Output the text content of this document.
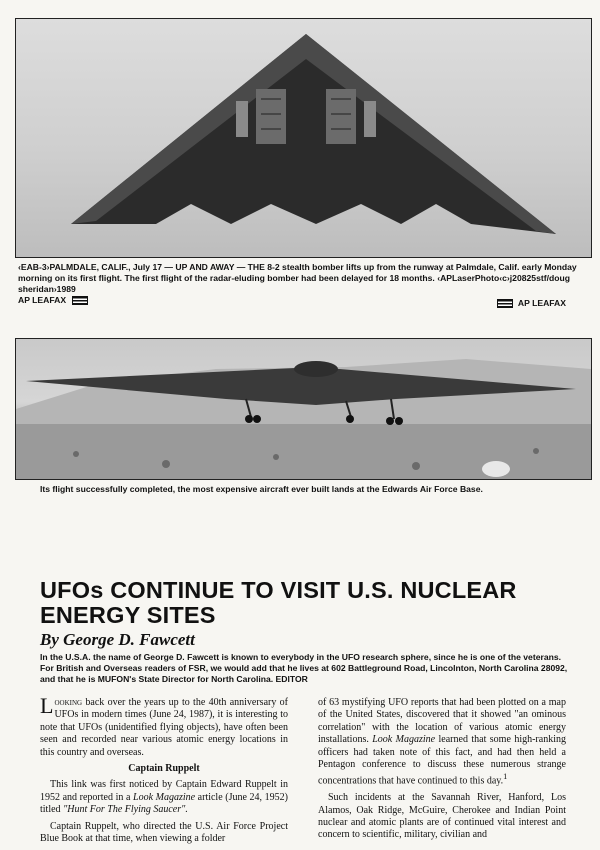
‹EAB-3›PALMDALE, CALIF., July 17 — UP AND AWAY — THE 8-2 stealth bomber lifts up from the runway at Palmdale, Calif. early Monday morning on its first flight. The first flight of the radar-eluding bomber had been delayed for 18 months. ‹APLaserPhoto‹c›j20825stf/doug sheridan›1989
AP LEAFAX	AP LEAFAX
Its flight successfully completed, the most expensive aircraft ever built lands at the Edwards Air Force Base.
UFOs CONTINUE TO VISIT U.S. NUCLEAR ENERGY SITES
By George D. Fawcett
In the U.S.A. the name of George D. Fawcett is known to everybody in the UFO research sphere, since he is one of the veterans. For British and Overseas readers of FSR, we would add that he lives at 602 Battleground Road, Lincolnton, North Carolina 28092, and that he is MUFON's State Director for North Carolina. EDITOR

Looking back over the years up to the 40th anniversary of UFOs in modern times (June 24, 1987), it is interesting to note that UFOs (unidentified flying objects), have often been seen and recorded near various atomic energy locations in this country and overseas.

Captain Ruppelt

This link was first noticed by Captain Edward Ruppelt in 1952 and reported in a Look Magazine article (June 24, 1952) titled "Hunt For The Flying Saucer".

Captain Ruppelt, who directed the U.S. Air Force Project Blue Book at that time, when viewing a folder

of 63 mystifying UFO reports that had been plotted on a map of the United States, discovered that it showed "an ominous correlation" with the location of various atomic energy installations. Look Magazine learned that some high-ranking officers had taken note of this fact, and had then held a Pentagon conference to discuss these numerous strange concentrations that have continued to this day.$^1$

Such incidents at the Savannah River, Hanford, Los Alamos, Oak Ridge, McGuire, Cherokee and Indian Point nuclear and atomic plants are of continued vital interest and concern to scientific, military, civilian and
